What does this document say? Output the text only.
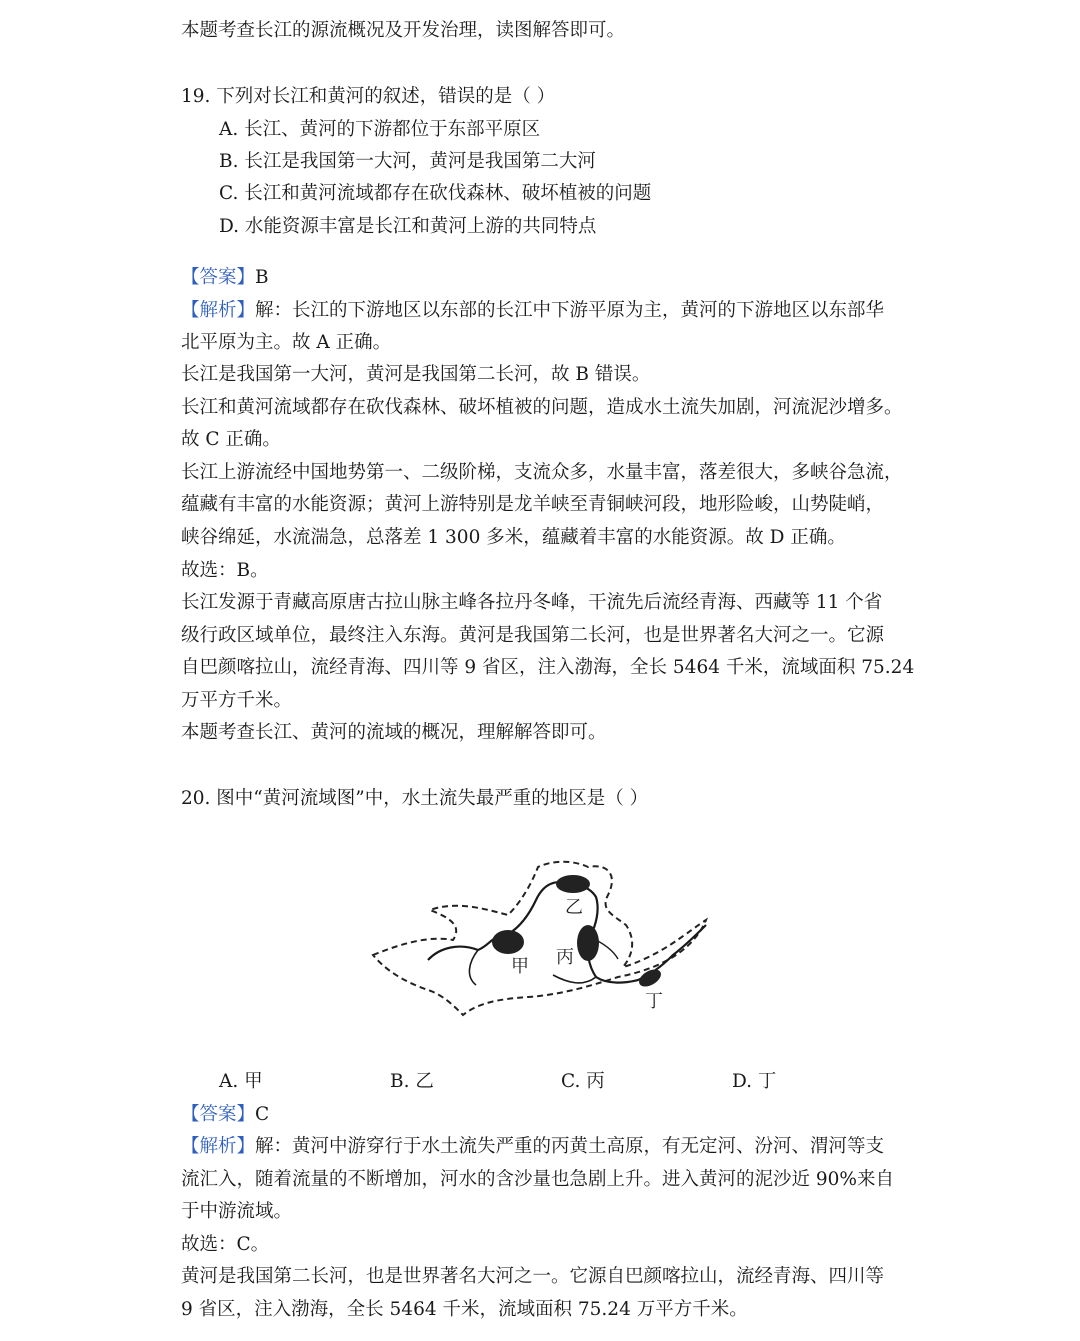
本题考查长江的源流概况及开发治理，读图解答即可。
19. 下列对长江和黄河的叙述，错误的是（ ）
A. 长江、黄河的下游都位于东部平原区
B. 长江是我国第一大河，黄河是我国第二大河
C. 长江和黄河流域都存在砍伐森林、破坏植被的问题
D. 水能资源丰富是长江和黄河上游的共同特点
【答案】B
【解析】解：长江的下游地区以东部的长江中下游平原为主，黄河的下游地区以东部华
北平原为主。故 A 正确。
长江是我国第一大河，黄河是我国第二长河，故 B 错误。
长江和黄河流域都存在砍伐森林、破坏植被的问题，造成水土流失加剧，河流泥沙增多。
故 C 正确。
长江上游流经中国地势第一、二级阶梯，支流众多，水量丰富，落差很大，多峡谷急流，
蕴藏有丰富的水能资源；黄河上游特别是龙羊峡至青铜峡河段，地形险峻，山势陡峭，
峡谷绵延，水流湍急，总落差 1 300 多米，蕴藏着丰富的水能资源。故 D 正确。
故选：B。
长江发源于青藏高原唐古拉山脉主峰各拉丹冬峰，干流先后流经青海、西藏等 11 个省
级行政区域单位，最终注入东海。黄河是我国第二长河，也是世界著名大河之一。它源
自巴颜喀拉山，流经青海、四川等 9 省区，注入渤海，全长 5464 千米，流域面积 75.24
万平方千米。
本题考查长江、黄河的流域的概况，理解解答即可。
20. 图中“黄河流域图”中，水土流失最严重的地区是（ ）
甲
乙
丙
丁
A. 甲	B. 乙	C. 丙	D. 丁
【答案】C
【解析】解：黄河中游穿行于水土流失严重的丙黄土高原，有无定河、汾河、渭河等支
流汇入，随着流量的不断增加，河水的含沙量也急剧上升。进入黄河的泥沙近 90%来自
于中游流域。
故选：C。
黄河是我国第二长河，也是世界著名大河之一。它源自巴颜喀拉山，流经青海、四川等
9 省区，注入渤海，全长 5464 千米，流域面积 75.24 万平方千米。
